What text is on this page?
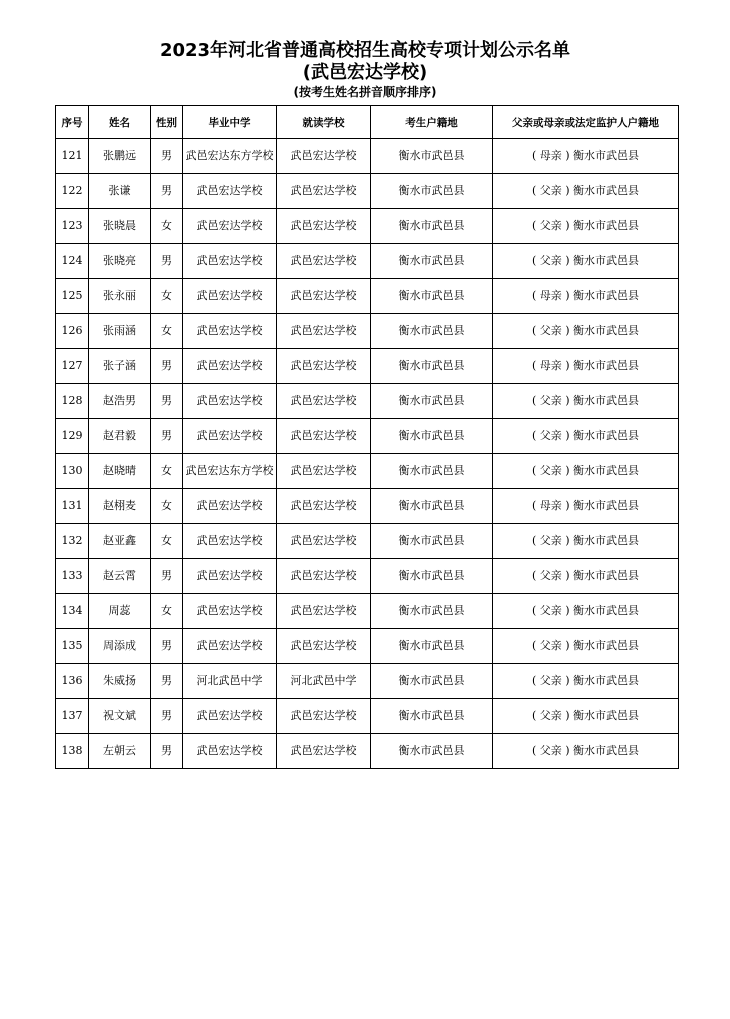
2023年河北省普通高校招生高校专项计划公示名单
(武邑宏达学校)
(按考生姓名拼音顺序排序)
序号	姓名	性别	毕业中学	就读学校	考生户籍地	父亲或母亲或法定监护人户籍地
121	张鹏远	男	武邑宏达东方学校	武邑宏达学校	衡水市武邑县	( 母亲 ) 衡水市武邑县
122	张谦	男	武邑宏达学校	武邑宏达学校	衡水市武邑县	( 父亲 ) 衡水市武邑县
123	张晓晨	女	武邑宏达学校	武邑宏达学校	衡水市武邑县	( 父亲 ) 衡水市武邑县
124	张晓亮	男	武邑宏达学校	武邑宏达学校	衡水市武邑县	( 父亲 ) 衡水市武邑县
125	张永丽	女	武邑宏达学校	武邑宏达学校	衡水市武邑县	( 母亲 ) 衡水市武邑县
126	张雨涵	女	武邑宏达学校	武邑宏达学校	衡水市武邑县	( 父亲 ) 衡水市武邑县
127	张子涵	男	武邑宏达学校	武邑宏达学校	衡水市武邑县	( 母亲 ) 衡水市武邑县
128	赵浩男	男	武邑宏达学校	武邑宏达学校	衡水市武邑县	( 父亲 ) 衡水市武邑县
129	赵君毅	男	武邑宏达学校	武邑宏达学校	衡水市武邑县	( 父亲 ) 衡水市武邑县
130	赵晓晴	女	武邑宏达东方学校	武邑宏达学校	衡水市武邑县	( 父亲 ) 衡水市武邑县
131	赵栩麦	女	武邑宏达学校	武邑宏达学校	衡水市武邑县	( 母亲 ) 衡水市武邑县
132	赵亚鑫	女	武邑宏达学校	武邑宏达学校	衡水市武邑县	( 父亲 ) 衡水市武邑县
133	赵云霄	男	武邑宏达学校	武邑宏达学校	衡水市武邑县	( 父亲 ) 衡水市武邑县
134	周蕊	女	武邑宏达学校	武邑宏达学校	衡水市武邑县	( 父亲 ) 衡水市武邑县
135	周添成	男	武邑宏达学校	武邑宏达学校	衡水市武邑县	( 父亲 ) 衡水市武邑县
136	朱威扬	男	河北武邑中学	河北武邑中学	衡水市武邑县	( 父亲 ) 衡水市武邑县
137	祝文斌	男	武邑宏达学校	武邑宏达学校	衡水市武邑县	( 父亲 ) 衡水市武邑县
138	左朝云	男	武邑宏达学校	武邑宏达学校	衡水市武邑县	( 父亲 ) 衡水市武邑县
